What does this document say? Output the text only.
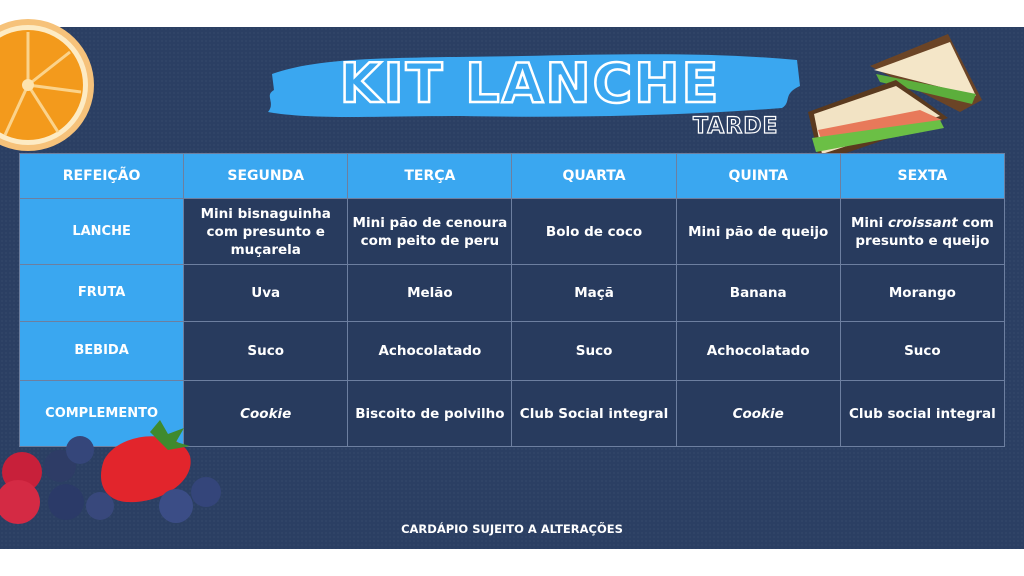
KIT LANCHE
TARDE
REFEIÇÃO	SEGUNDA	TERÇA	QUARTA	QUINTA	SEXTA
LANCHE	Mini bisnaguinha com presunto e muçarela	Mini pão de cenoura com peito de peru	Bolo de coco	Mini pão de queijo	Mini croissant com presunto e queijo
FRUTA	Uva	Melão	Maçã	Banana	Morango
BEBIDA	Suco	Achocolatado	Suco	Achocolatado	Suco
COMPLEMENTO	Cookie	Biscoito de polvilho	Club Social integral	Cookie	Club social integral
CARDÁPIO SUJEITO A ALTERAÇÕES
